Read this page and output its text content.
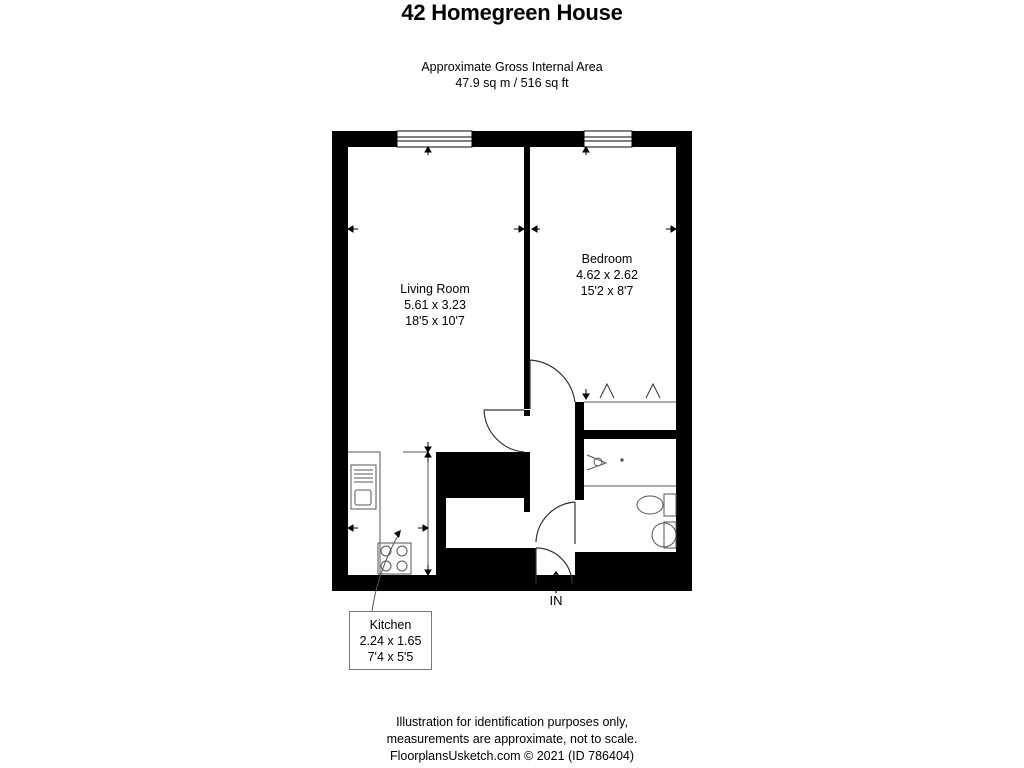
42 Homegreen House
Approximate Gross Internal Area
47.9 sq m / 516 sq ft
Living Room
5.61 x 3.23
18'5 x 10'7
Bedroom
4.62 x 2.62
15'2 x 8'7
Kitchen
2.24 x 1.65
7'4 x 5'5
IN
Illustration for identification purposes only,
measurements are approximate, not to scale.
FloorplansUsketch.com © 2021 (ID 786404)
